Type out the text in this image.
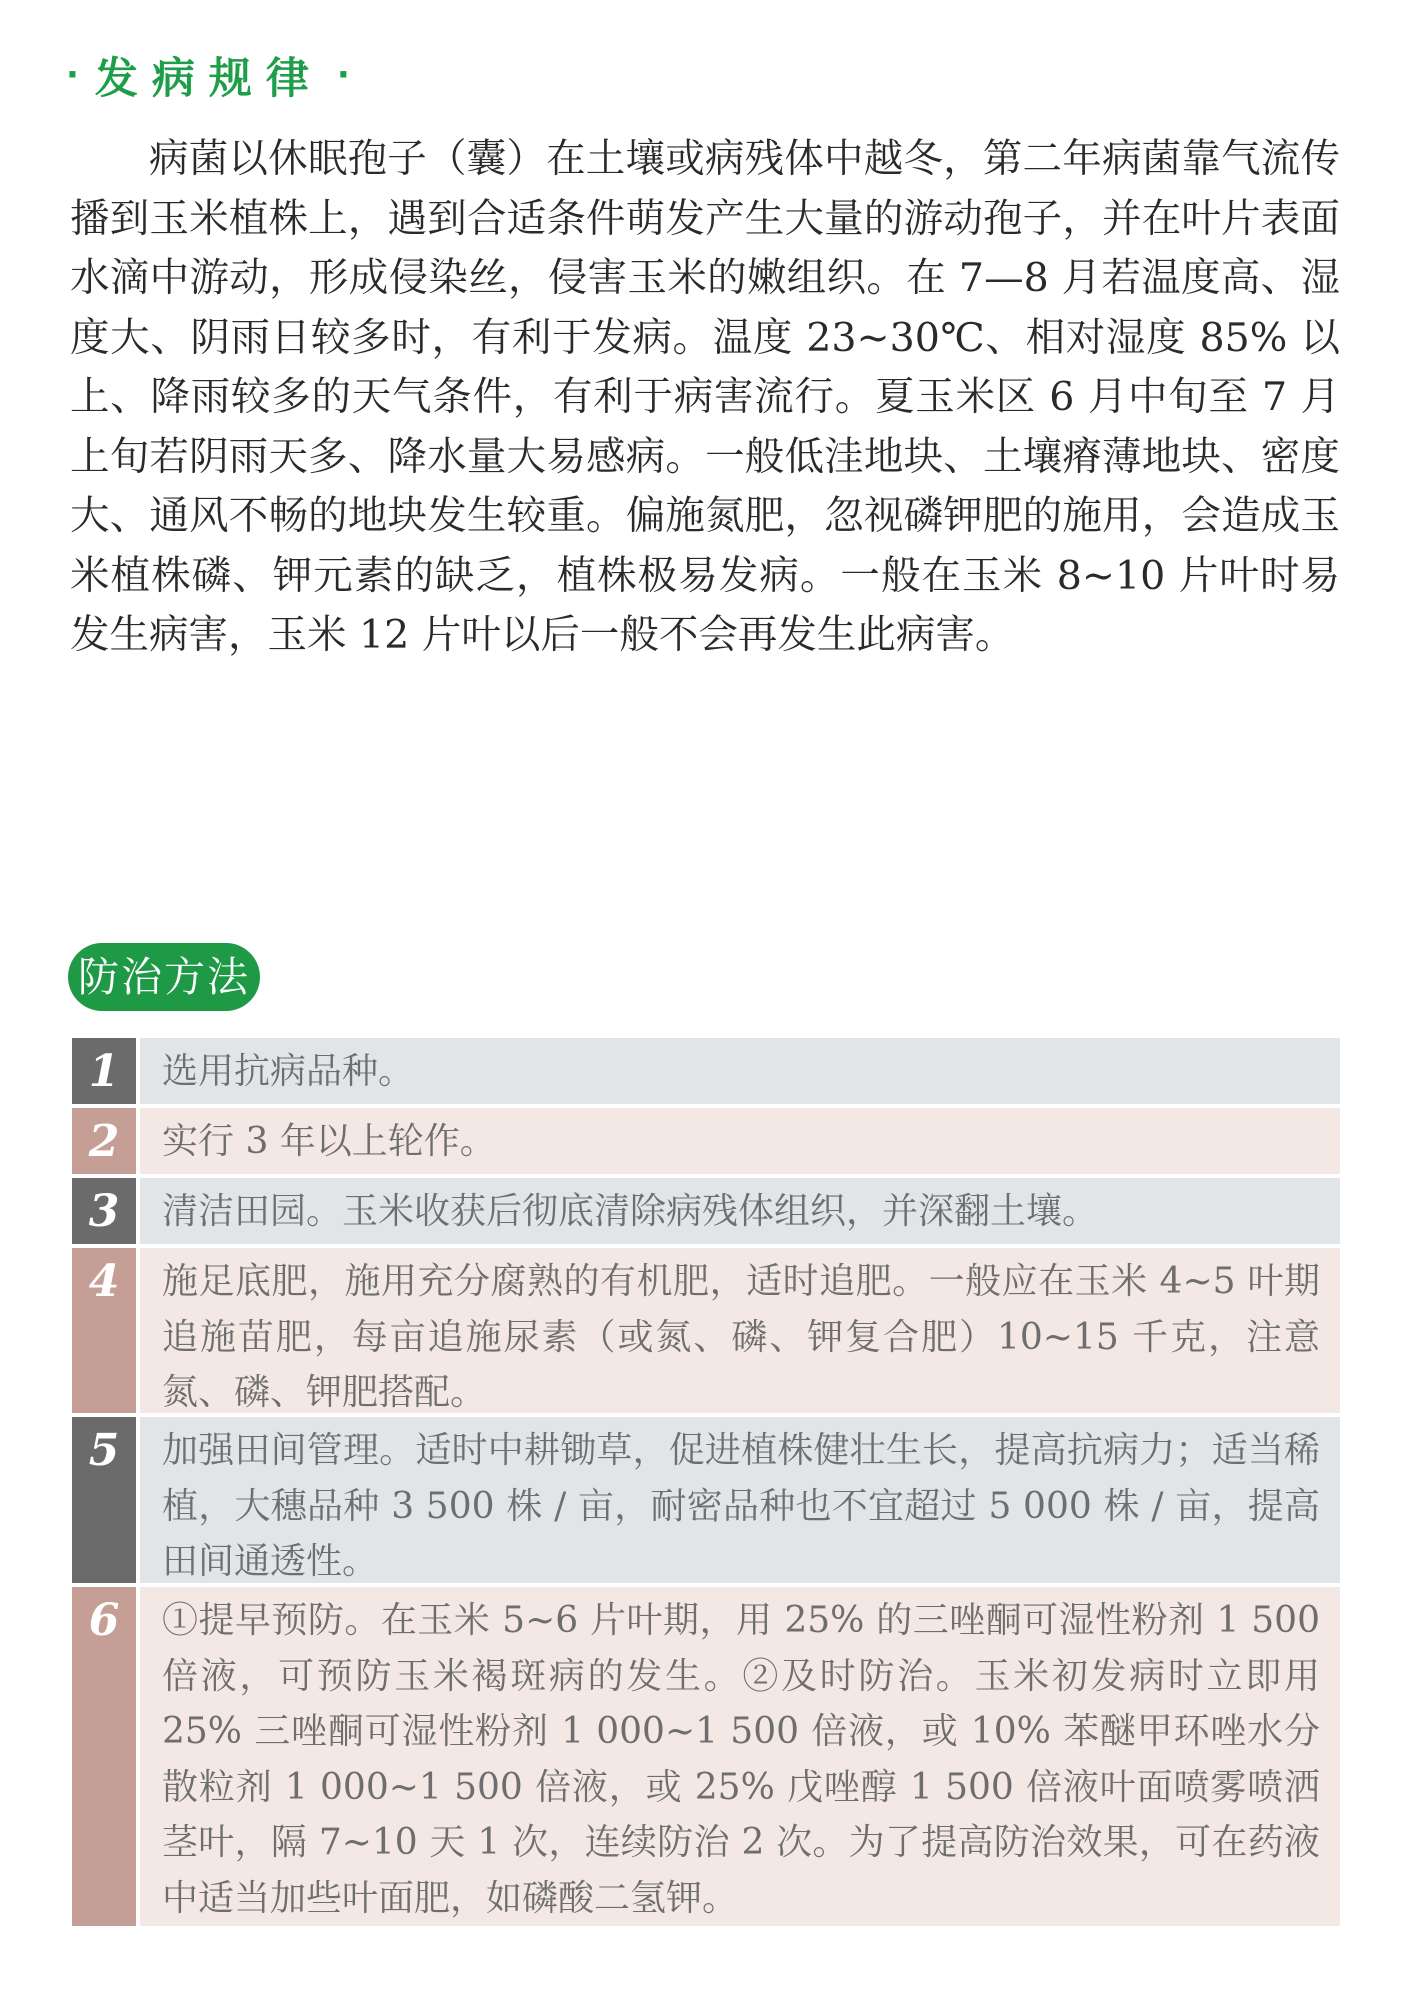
· 发病规律 ·

病菌以休眠孢子（囊）在土壤或病残体中越冬，第二年病菌靠气流传播到玉米植株上，遇到合适条件萌发产生大量的游动孢子，并在叶片表面水滴中游动，形成侵染丝，侵害玉米的嫩组织。在 7—8 月若温度高、湿度大、阴雨日较多时，有利于发病。温度 23~30℃、相对湿度 85% 以上、降雨较多的天气条件，有利于病害流行。夏玉米区 6 月中旬至 7 月上旬若阴雨天多、降水量大易感病。一般低洼地块、土壤瘠薄地块、密度大、通风不畅的地块发生较重。偏施氮肥，忽视磷钾肥的施用，会造成玉米植株磷、钾元素的缺乏，植株极易发病。一般在玉米 8~10 片叶时易发生病害，玉米 12 片叶以后一般不会再发生此病害。

防治方法
1	选用抗病品种。
2	实行 3 年以上轮作。
3	清洁田园。玉米收获后彻底清除病残体组织，并深翻土壤。
4	施足底肥，施用充分腐熟的有机肥，适时追肥。一般应在玉米 4~5 叶期追施苗肥，每亩追施尿素（或氮、磷、钾复合肥）10~15 千克，注意氮、磷、钾肥搭配。
5	加强田间管理。适时中耕锄草，促进植株健壮生长，提高抗病力；适当稀植，大穗品种 3 500 株 / 亩，耐密品种也不宜超过 5 000 株 / 亩，提高田间通透性。
6	①提早预防。在玉米 5~6 片叶期，用 25% 的三唑酮可湿性粉剂 1 500 倍液，可预防玉米褐斑病的发生。②及时防治。玉米初发病时立即用 25% 三唑酮可湿性粉剂 1 000~1 500 倍液，或 10% 苯醚甲环唑水分散粒剂 1 000~1 500 倍液，或 25% 戊唑醇 1 500 倍液叶面喷雾喷洒茎叶，隔 7~10 天 1 次，连续防治 2 次。为了提高防治效果，可在药液中适当加些叶面肥，如磷酸二氢钾。
